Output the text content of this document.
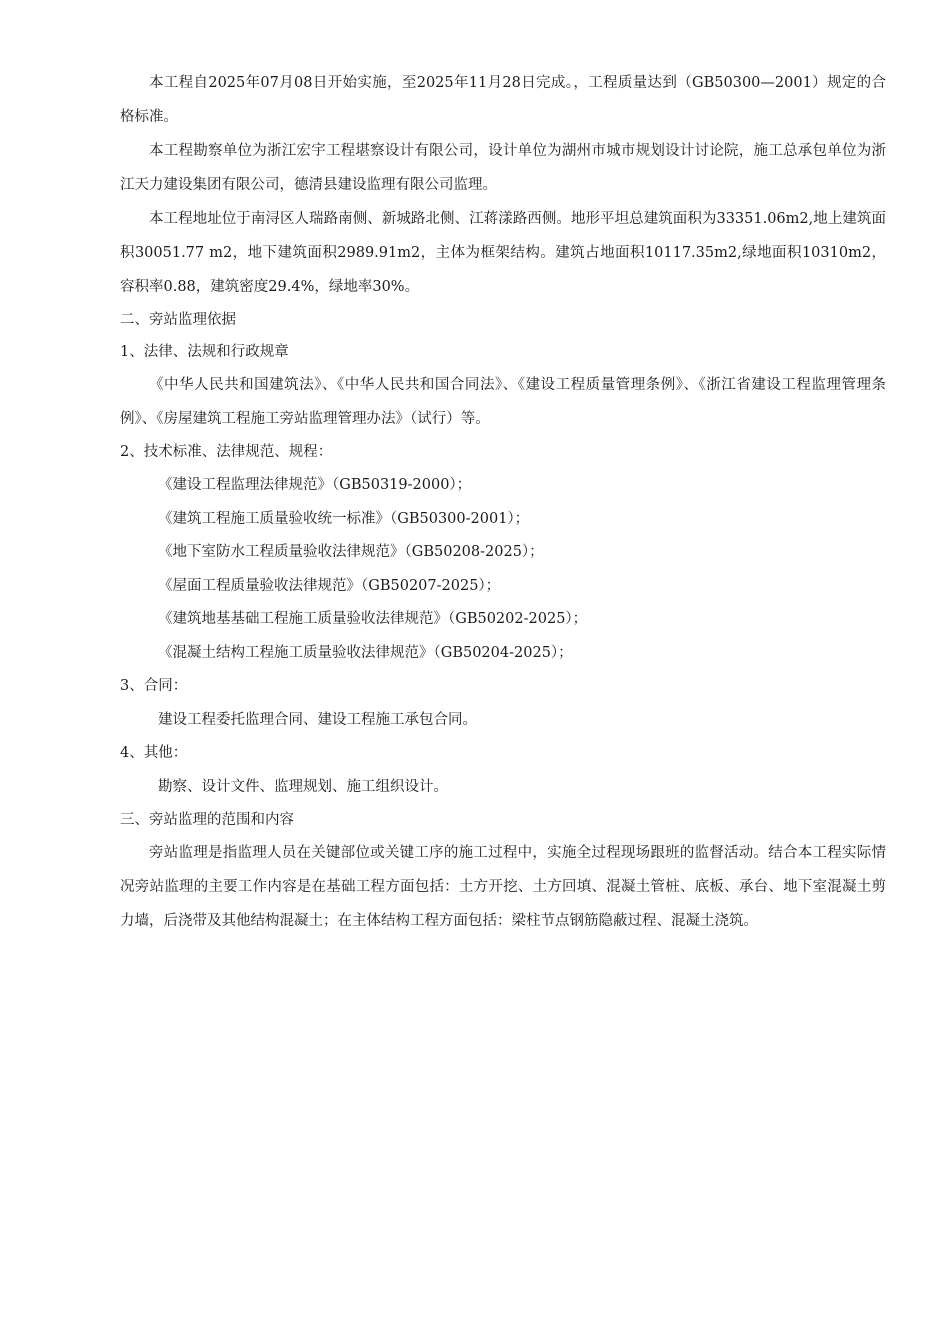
本工程自2025年07月08日开始实施，至2025年11月28日完成。，工程质量达到（GB50300—2001）规定的合格标准。

本工程勘察单位为浙江宏宇工程堪察设计有限公司，设计单位为湖州市城市规划设计讨论院，施工总承包单位为浙江天力建设集团有限公司，德清县建设监理有限公司监理。

本工程地址位于南浔区人瑞路南侧、新城路北侧、江蒋漾路西侧。地形平坦总建筑面积为33351.06m2,地上建筑面积30051.77 m2，地下建筑面积2989.91m2，主体为框架结构。建筑占地面积10117.35m2,绿地面积10310m2，容积率0.88，建筑密度29.4%，绿地率30%。

二、旁站监理依据

1、法律、法规和行政规章

《中华人民共和国建筑法》、《中华人民共和国合同法》、《建设工程质量管理条例》、《浙江省建设工程监理管理条例》、《房屋建筑工程施工旁站监理管理办法》（试行）等。

2、技术标准、法律规范、规程：

《建设工程监理法律规范》（GB50319-2000）；
《建筑工程施工质量验收统一标准》（GB50300-2001）；
《地下室防水工程质量验收法律规范》（GB50208-2025）；
《屋面工程质量验收法律规范》（GB50207-2025）；
《建筑地基基础工程施工质量验收法律规范》（GB50202-2025）；
《混凝土结构工程施工质量验收法律规范》（GB50204-2025）；

3、合同：

建设工程委托监理合同、建设工程施工承包合同。

4、其他：

勘察、设计文件、监理规划、施工组织设计。

三、旁站监理的范围和内容

旁站监理是指监理人员在关键部位或关键工序的施工过程中，实施全过程现场跟班的监督活动。结合本工程实际情况旁站监理的主要工作内容是在基础工程方面包括：土方开挖、土方回填、混凝土管桩、底板、承台、地下室混凝土剪力墙，后浇带及其他结构混凝土；在主体结构工程方面包括：梁柱节点钢筋隐蔽过程、混凝土浇筑。
